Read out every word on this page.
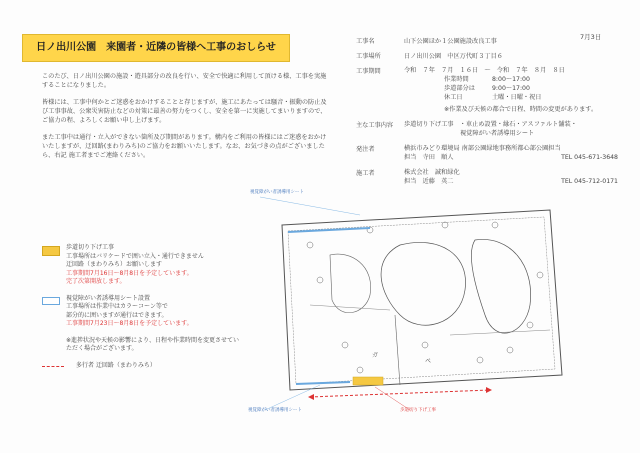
日ノ出川公園　来園者・近隣の皆様へ工事のおしらせ
7月3日

このたび、日ノ出川公園の施設・遊具部分の改良を行い、安全で快適に利用して頂ける様、工事を実施することになりました。

皆様には、工事中何かとご迷惑をおかけすることと存じますが、施工にあたっては騒音・振動の防止及び工事事故、公衆災害防止などの対策に最善の努力をつくし、安全を第一に実施してまいりますので、ご協力の程、よろしくお願い申し上げます。

また工事中は通行・立入ができない箇所及び期間があります。構内をご利用の皆様にはご迷惑をおかけいたしますが、迂回路(まわりみち)のご協力をお願いいたします。なお、お気づきの点がございましたら、右記 施工者までご連絡ください。

工事名	山下公園ほか１公園施設改良工事
工事場所	日ノ出川公園　中区万代町３丁目６
工事期間	令和　７年　７月　１６日　～　令和　７年　８月　８日
作業時間	8:00～17:00
歩道部分は	9:00～17:00
休工日	土曜・日曜・祝日
※作業及び天候の都合で日程、時間の変更があります。
主な工事内容	歩道切り下げ工事　・車止め設置・縁石・アスファルト舗装・
視覚障がい者誘導用シート
発注者	横浜市みどり環境局 南部公園緑地事務所都心部公園担当
担当　寺田　順人	TEL 045-671-3648
施工者	株式会社　誠和緑化
担当　近藤　英二	TEL 045-712-0171
歩道切り下げ工事
工事場所はバリケードで囲い立入・通行できません
迂回路（まわりみち）お願いします
工事期間7月16日～8月8日を予定しています。
完了次第開放します。
視覚障がい者誘導用シート設置
工事場所は作業中はカラーコーン等で
部分的に囲いますが通行はできます。
工事期間7月23日～8月8日を予定しています。
※進捗状況や天候の影響により、日程や作業時間を変更させていただく場合がございます。
多行者 迂回路（まわりみち）	ペ
ガ
視覚障がい者誘導用シート
視覚障がい者誘導用シート	歩道切り下げ工事
